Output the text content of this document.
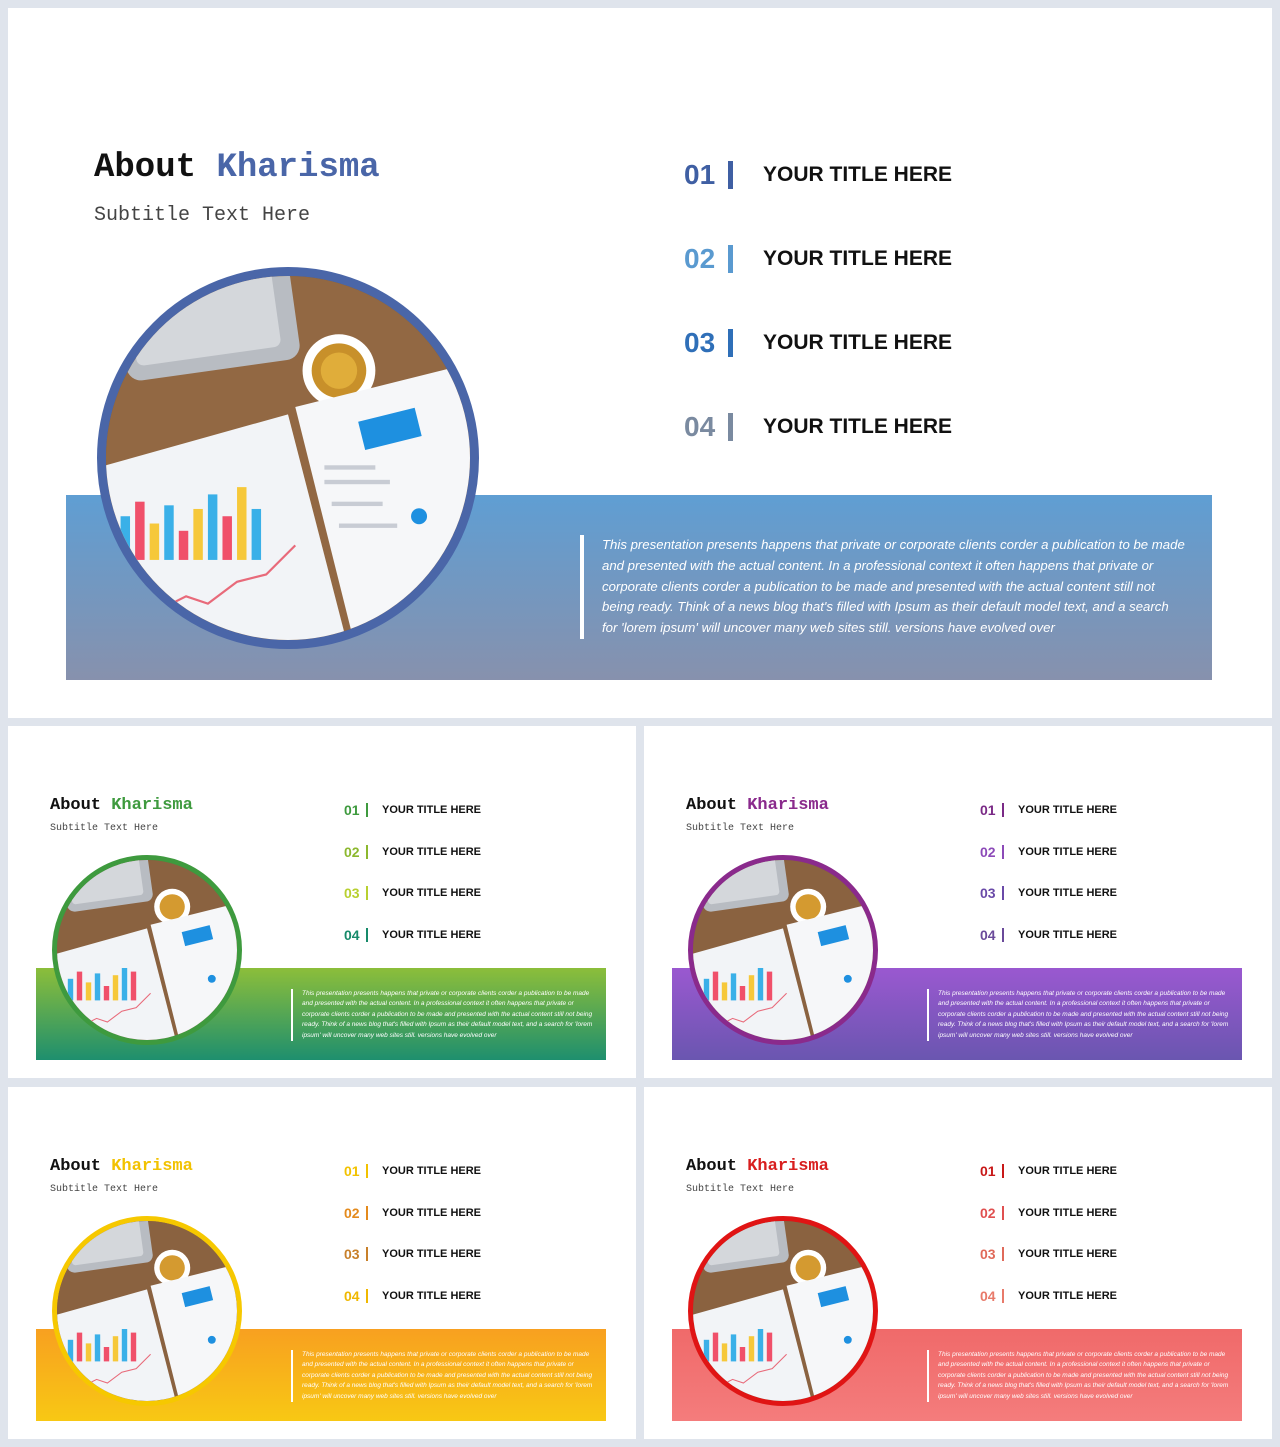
About Kharisma

Subtitle Text Here

This presentation presents happens that private or corporate clients corder a publication to be made and presented with the actual content. In a professional context it often happens that private or corporate clients corder a publication to be made and presented with the actual content still not being ready. Think of a news blog that's filled with Ipsum as their default model text, and a search for 'lorem ipsum' will uncover many web sites still. versions have evolved over
01	YOUR TITLE HERE
02	YOUR TITLE HERE
03	YOUR TITLE HERE
04	YOUR TITLE HERE
About Kharisma

Subtitle Text Here

This presentation presents happens that private or corporate clients corder a publication to be made and presented with the actual content. In a professional context it often happens that private or corporate clients corder a publication to be made and presented with the actual content still not being ready. Think of a news blog that's filled with Ipsum as their default model text, and a search for 'lorem ipsum' will uncover many web sites still. versions have evolved over
01 YOUR TITLE HERE
02 YOUR TITLE HERE
03 YOUR TITLE HERE
04 YOUR TITLE HERE
About Kharisma

Subtitle Text Here

This presentation presents happens that private or corporate clients corder a publication to be made and presented with the actual content. In a professional context it often happens that private or corporate clients corder a publication to be made and presented with the actual content still not being ready. Think of a news blog that's filled with Ipsum as their default model text, and a search for 'lorem ipsum' will uncover many web sites still. versions have evolved over
01 YOUR TITLE HERE
02 YOUR TITLE HERE
03 YOUR TITLE HERE
04 YOUR TITLE HERE
About Kharisma

Subtitle Text Here

This presentation presents happens that private or corporate clients corder a publication to be made and presented with the actual content. In a professional context it often happens that private or corporate clients corder a publication to be made and presented with the actual content still not being ready. Think of a news blog that's filled with Ipsum as their default model text, and a search for 'lorem ipsum' will uncover many web sites still. versions have evolved over
01 YOUR TITLE HERE
02 YOUR TITLE HERE
03 YOUR TITLE HERE
04 YOUR TITLE HERE
About Kharisma

Subtitle Text Here

This presentation presents happens that private or corporate clients corder a publication to be made and presented with the actual content. In a professional context it often happens that private or corporate clients corder a publication to be made and presented with the actual content still not being ready. Think of a news blog that's filled with Ipsum as their default model text, and a search for 'lorem ipsum' will uncover many web sites still. versions have evolved over
01 YOUR TITLE HERE
02 YOUR TITLE HERE
03 YOUR TITLE HERE
04 YOUR TITLE HERE
